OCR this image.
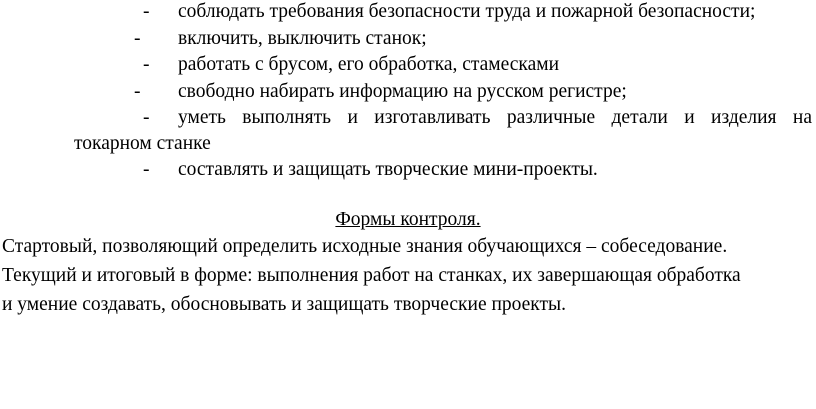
- соблюдать требования безопасности труда и пожарной безопасности;
- включить, выключить станок;
- работать с брусом, его обработка, стамесками
- свободно набирать информацию на русском регистре;
- уметь выполнять и изготавливать различные детали и изделия на
токарном станке
- составлять и защищать творческие мини-проекты.
Формы контроля.
Стартовый, позволяющий определить исходные знания обучающихся – собеседование.
Текущий и итоговый в форме: выполнения работ на станках, их завершающая обработка
и умение создавать, обосновывать и защищать творческие проекты.
